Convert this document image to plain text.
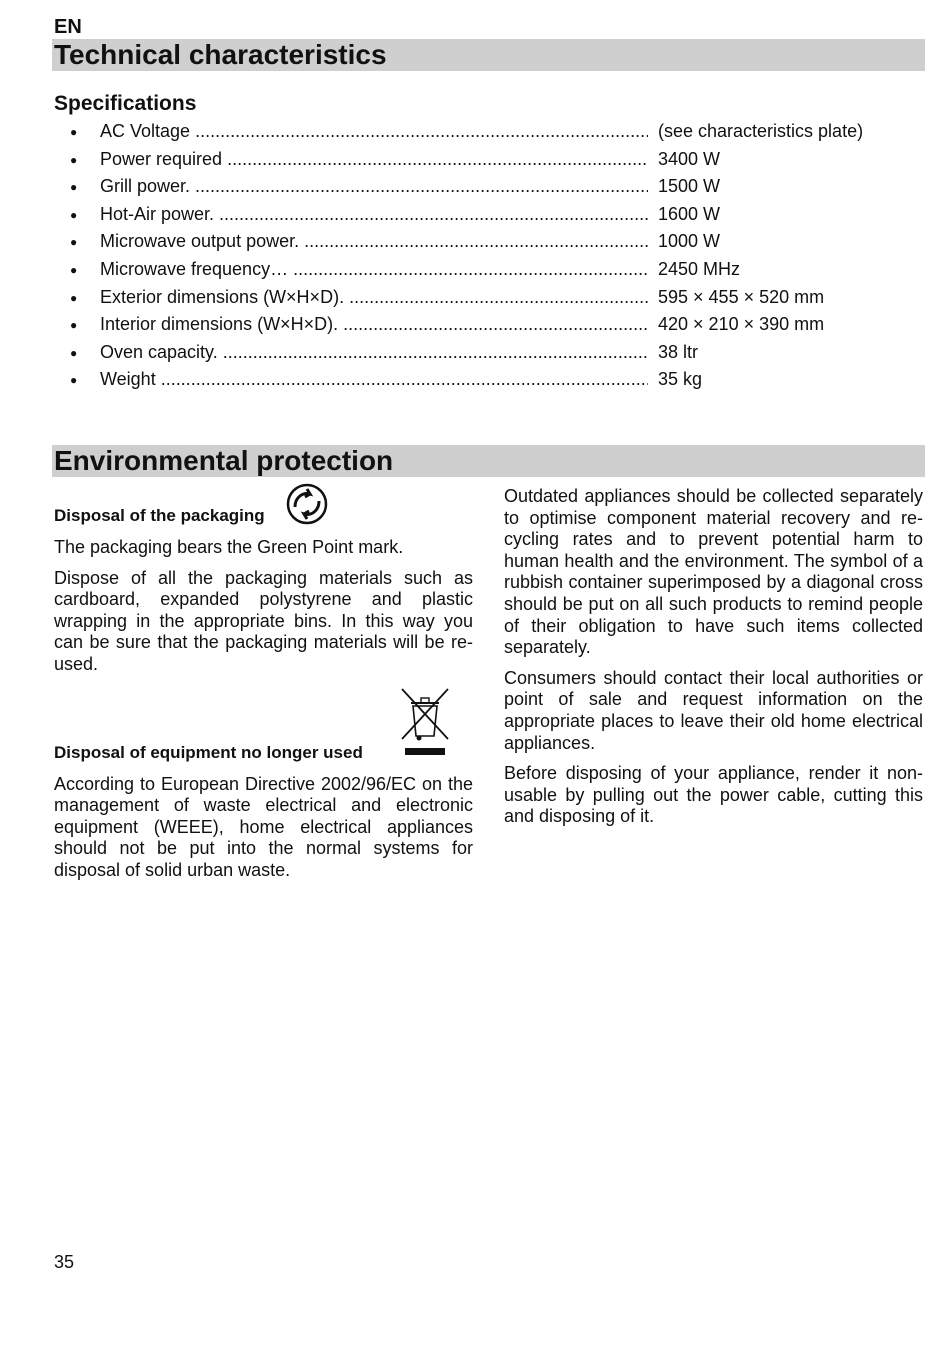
EN
Technical characteristics
Specifications
● AC Voltage .....	(see characteristics plate)
● Power required .....	3400 W
● Grill power. .....	1500 W
● Hot-Air power. .....	1600 W
● Microwave output power. .....	1000 W
● Microwave frequency… .....	2450 MHz
● Exterior dimensions (W×H×D). .....	595 × 455 × 520 mm
● Interior dimensions (W×H×D). .....	420 × 210 × 390 mm
● Oven capacity. .....	38 ltr
● Weight .....	35 kg
Environmental protection
Disposal of the packaging

The packaging bears the Green Point mark.

Dispose of all the packaging materials such as cardboard, expanded polystyrene and plastic wrapping in the appropriate bins. In this way you can be sure that the packaging materials will be re-used.

Disposal of equipment no longer used

According to European Directive 2002/96/EC on the management of waste electrical and electronic equipment (WEEE), home electrical appliances should not be put into the normal systems for disposal of solid urban waste.

Outdated appliances should be collected separately to optimise component material recovery and re-cycling rates and to prevent potential harm to human health and the environment. The symbol of a rubbish container superimposed by a diagonal cross should be put on all such products to remind people of their obligation to have such items collected separately.

Consumers should contact their local authorities or point of sale and request information on the appropriate places to leave their old home electrical appliances.

Before disposing of your appliance, render it non-usable by pulling out the power cable, cutting this and disposing of it.

35
